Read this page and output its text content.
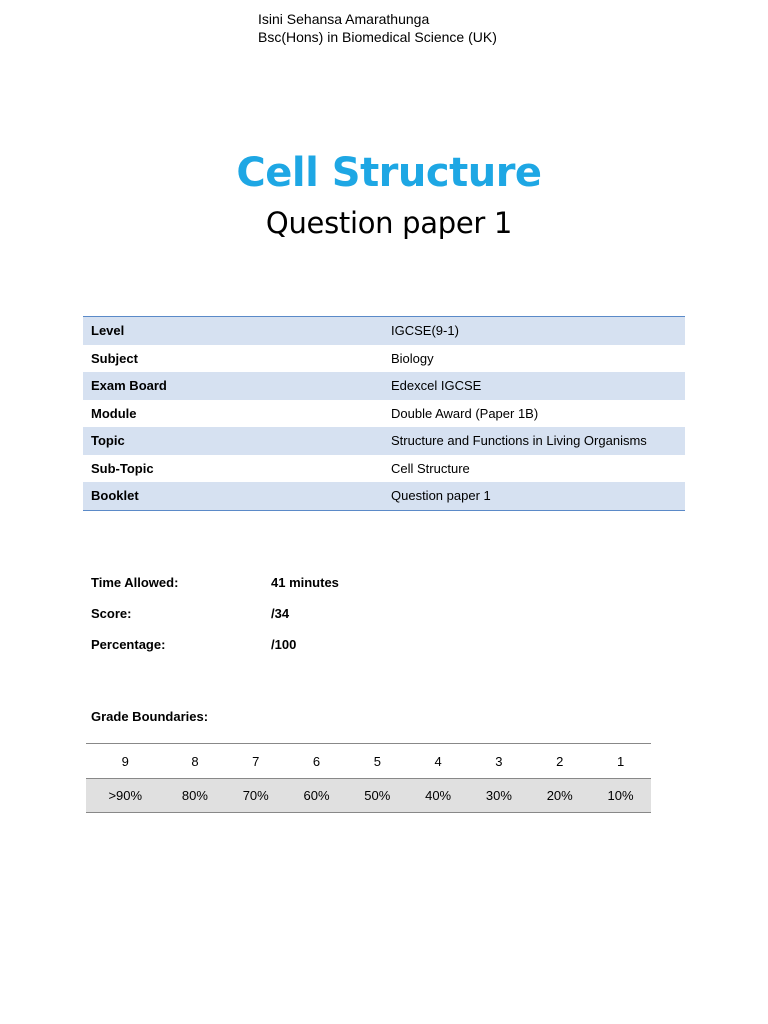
Isini Sehansa Amarathunga
Bsc(Hons) in Biomedical Science (UK)
Cell Structure
Question paper 1
Level	IGCSE(9-1)
Subject	Biology
Exam Board	Edexcel IGCSE
Module	Double Award (Paper 1B)
Topic	Structure and Functions in Living Organisms
Sub-Topic	Cell Structure
Booklet	Question paper 1
Time Allowed:	41 minutes
Score:	/34
Percentage:	/100
Grade Boundaries:
9	8	7	6	5	4	3	2	1
>90%	80%	70%	60%	50%	40%	30%	20%	10%
